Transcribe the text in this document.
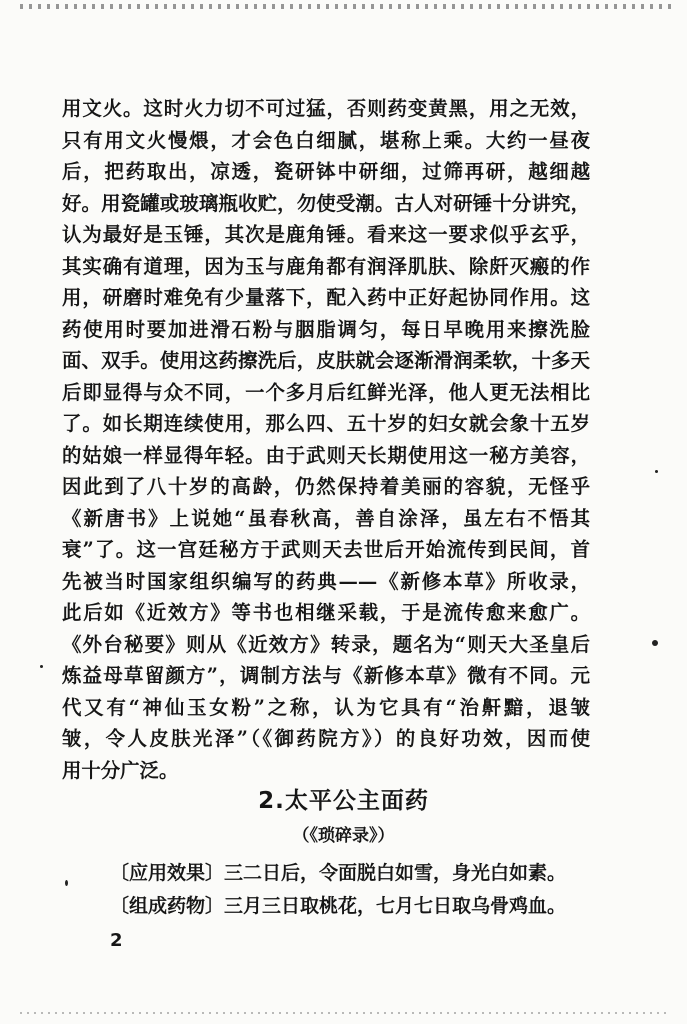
用文火。这时火力切不可过猛，否则药变黄黑，用之无效，
只有用文火慢煨，才会色白细腻，堪称上乘。大约一昼夜
后，把药取出，凉透，瓷研钵中研细，过筛再研，越细越
好。用瓷罐或玻璃瓶收贮，勿使受潮。古人对研锤十分讲究，
认为最好是玉锤，其次是鹿角锤。看来这一要求似乎玄乎，
其实确有道理，因为玉与鹿角都有润泽肌肤、除皯灭瘢的作
用，研磨时难免有少量落下，配入药中正好起协同作用。这
药使用时要加进滑石粉与胭脂调匀，每日早晚用来擦洗脸
面、双手。使用这药擦洗后，皮肤就会逐渐滑润柔软，十多天
后即显得与众不同，一个多月后红鲜光泽，他人更无法相比
了。如长期连续使用，那么四、五十岁的妇女就会象十五岁
的姑娘一样显得年轻。由于武则天长期使用这一秘方美容，
因此到了八十岁的高龄，仍然保持着美丽的容貌，无怪乎
《新唐书》上说她“虽春秋高，善自涂泽，虽左右不悟其
衰”了。这一宫廷秘方于武则天去世后开始流传到民间，首
先被当时国家组织编写的药典——《新修本草》所收录，
此后如《近效方》等书也相继采载，于是流传愈来愈广。
《外台秘要》则从《近效方》转录，题名为“则天大圣皇后
炼益母草留颜方”，调制方法与《新修本草》微有不同。元
代又有“神仙玉女粉”之称，认为它具有“治鼾黯，退皱
皱，令人皮肤光泽”（《御药院方》）的良好功效，因而使
用十分广泛。
2.太平公主面药
（《琐碎录》）
〔应用效果〕三二日后，令面脱白如雪，身光白如素。
〔组成药物〕三月三日取桃花，七月七日取乌骨鸡血。
2
